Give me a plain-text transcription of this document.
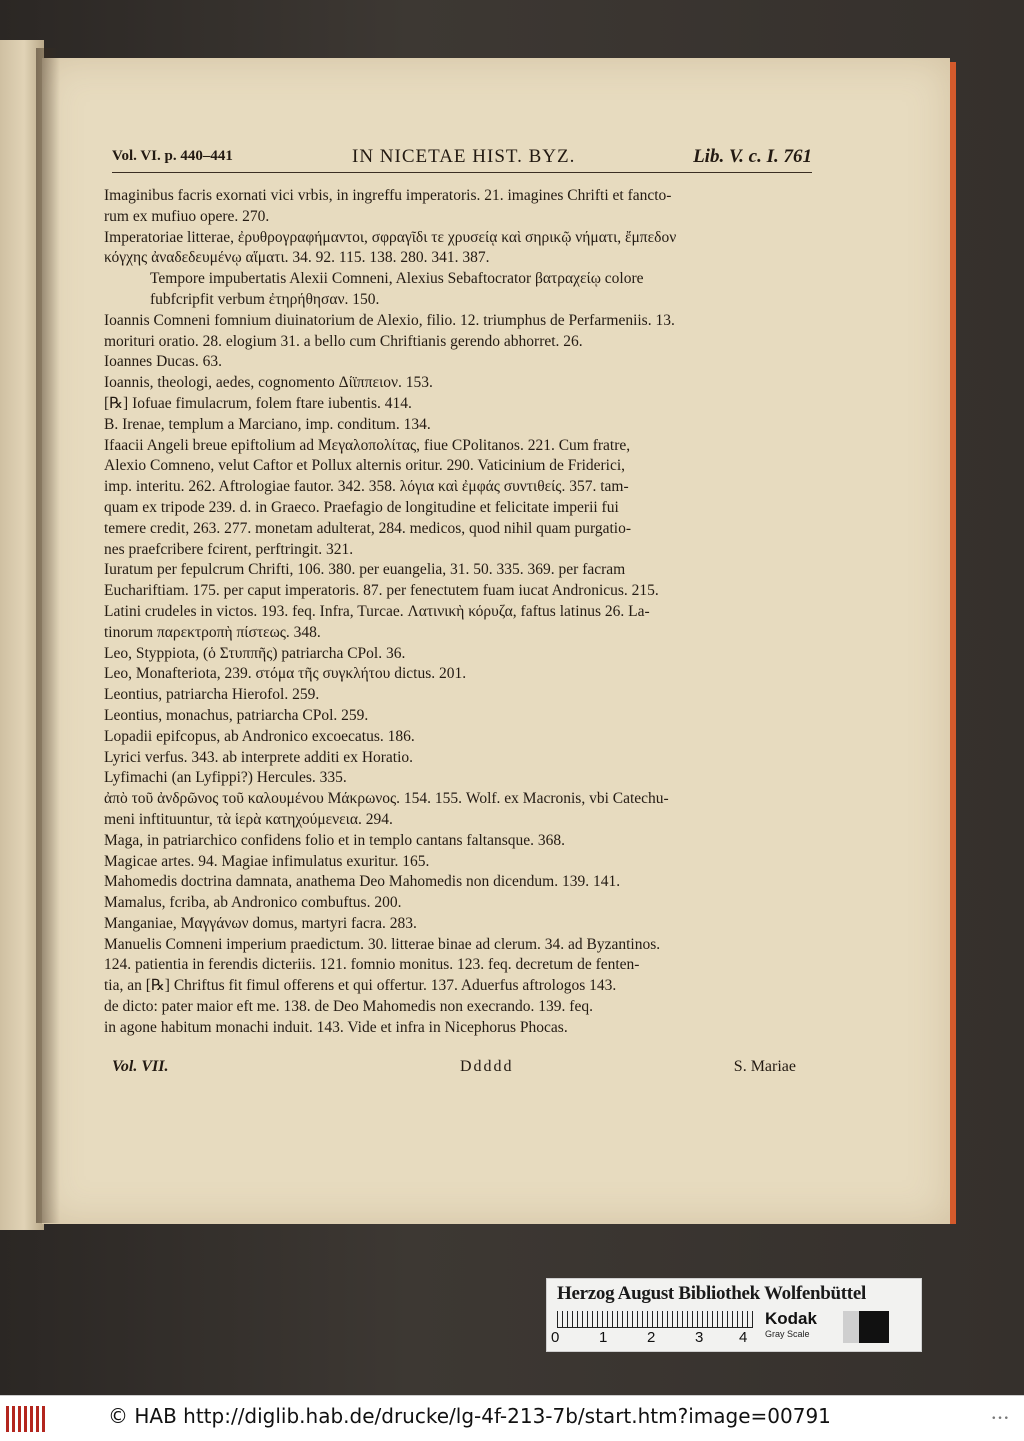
Vol. VI. p. 440–441	IN NICETAE HIST. BYZ.	Lib. V. c. I. 761
Imaginibus facris exornati vici vrbis, in ingreffu imperatoris. 21. imagines Chrifti et fancto-
rum ex mufiuo opere. 270.
Imperatoriae litterae, ἐρυθρογραφήμαντοι, σφραγῖδι τε χρυσείᾳ καὶ σηρικῷ νήματι, ἔμπεδον
κόγχης ἀναδεδευμένῳ αἵματι. 34. 92. 115. 138. 280. 341. 387.
Tempore impubertatis Alexii Comneni, Alexius Sebaftocrator βατραχείῳ colore
fubfcripfit verbum ἐτηρήθησαν. 150.
Ioannis Comneni fomnium diuinatorium de Alexio, filio. 12. triumphus de Perfarmeniis. 13.
morituri oratio. 28. elogium 31. a bello cum Chriftianis gerendo abhorret. 26.
Ioannes Ducas. 63.
Ioannis, theologi, aedes, cognomento Δίϊππειον. 153.
[℞] Iofuae fimulacrum, folem ftare iubentis. 414.
B. Irenae, templum a Marciano, imp. conditum. 134.
Ifaacii Angeli breue epiftolium ad Μεγαλοπολίτας, fiue CPolitanos. 221. Cum fratre,
Alexio Comneno, velut Caftor et Pollux alternis oritur. 290. Vaticinium de Friderici,
imp. interitu. 262. Aftrologiae fautor. 342. 358. λόγια καὶ ἐμφάς συντιθείς. 357. tam-
quam ex tripode 239. d. in Graeco. Praefagio de longitudine et felicitate imperii fui
temere credit, 263. 277. monetam adulterat, 284. medicos, quod nihil quam purgatio-
nes praefcribere fcirent, perftringit. 321.
Iuratum per fepulcrum Chrifti, 106. 380. per euangelia, 31. 50. 335. 369. per facram
Euchariftiam. 175. per caput imperatoris. 87. per fenectutem fuam iucat Andronicus. 215.
Latini crudeles in victos. 193. feq. Infra, Turcae. Λατινικὴ κόρυζα, faftus latinus 26. La-
tinorum παρεκτροπὴ πίστεως. 348.
Leo, Styppiota, (ὁ Στυππῆς) patriarcha CPol. 36.
Leo, Monafteriota, 239. στόμα τῆς συγκλήτου dictus. 201.
Leontius, patriarcha Hierofol. 259.
Leontius, monachus, patriarcha CPol. 259.
Lopadii epifcopus, ab Andronico excoecatus. 186.
Lyrici verfus. 343. ab interprete additi ex Horatio.
Lyfimachi (an Lyfippi?) Hercules. 335.
ἀπὸ τοῦ ἀνδρῶνος τοῦ καλουμένου Μάκρωνος. 154. 155. Wolf. ex Macronis, vbi Catechu-
meni inftituuntur, τὰ ἱερὰ κατηχούμενεια. 294.
Maga, in patriarchico confidens folio et in templo cantans faltansque. 368.
Magicae artes. 94. Magiae infimulatus exuritur. 165.
Mahomedis doctrina damnata, anathema Deo Mahomedis non dicendum. 139. 141.
Mamalus, fcriba, ab Andronico combuftus. 200.
Manganiae, Μαγγάνων domus, martyri facra. 283.
Manuelis Comneni imperium praedictum. 30. litterae binae ad clerum. 34. ad Byzantinos.
124. patientia in ferendis dicteriis. 121. fomnio monitus. 123. feq. decretum de fenten-
tia, an [℞] Chriftus fit fimul offerens et qui offertur. 137. Aduerfus aftrologos 143.
de dicto: pater maior eft me. 138. de Deo Mahomedis non execrando. 139. feq.
in agone habitum monachi induit. 143. Vide et infra in Nicephorus Phocas.
Vol. VII.	Ddddd	S. Mariae
Herzog August Bibliothek Wolfenbüttel
0	1	2	3 4
Kodak
Gray Scale
© HAB http://diglib.hab.de/drucke/lg-4f-213-7b/start.htm?image=00791	•••
